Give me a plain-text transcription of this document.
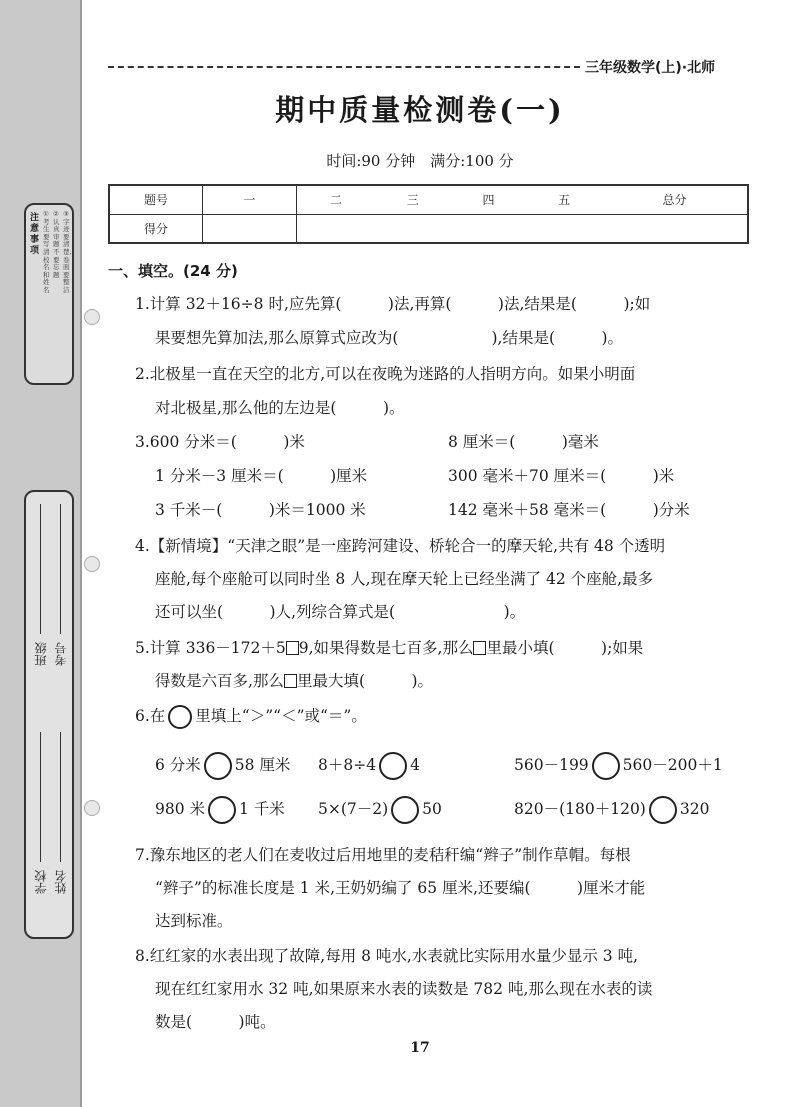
注意事项
①考生要写清校名和姓名
②认真审题不要忘题
③字迹要清楚,卷面要整洁
学校 姓名
班级 考号
三年级数学(上)·北师
期中质量检测卷(一)
时间:90 分钟　满分:100 分
题号	一	二	三	四	五	总分
得分						
一、填空。(24 分)
1.计算 32＋16÷8 时,应先算(　　　)法,再算(　　　)法,结果是(　　　);如
果要想先算加法,那么原算式应改为(　　　　　　),结果是(　　　)。
2.北极星一直在天空的北方,可以在夜晚为迷路的人指明方向。如果小明面
对北极星,那么他的左边是(　　　)。
3.600 分米＝(　　　)米	8 厘米＝(　　　)毫米
1 分米－3 厘米＝(　　　)厘米	300 毫米＋70 厘米＝(　　　)米
3 千米－(　　　)米＝1000 米	142 毫米＋58 毫米＝(　　　)分米
4.【新情境】“天津之眼”是一座跨河建设、桥轮合一的摩天轮,共有 48 个透明
座舱,每个座舱可以同时坐 8 人,现在摩天轮上已经坐满了 42 个座舱,最多
还可以坐(　　　)人,列综合算式是(　　　　　　　)。
5.计算 336－172＋5 9,如果得数是七百多,那么 里最小填(　　　);如果
得数是六百多,那么 里最大填(　　　)。
6.在 里填上“＞”“＜”或“＝”。
6 分米 58 厘米 8＋8÷4 4	560－199 560－200＋1
980 米 1 千米 5×(7－2) 50	820－(180＋120) 320
7.豫东地区的老人们在麦收过后用地里的麦秸秆编“辫子”制作草帽。每根
“辫子”的标准长度是 1 米,王奶奶编了 65 厘米,还要编(　　　)厘米才能
达到标准。
8.红红家的水表出现了故障,每用 8 吨水,水表就比实际用水量少显示 3 吨,
现在红红家用水 32 吨,如果原来水表的读数是 782 吨,那么现在水表的读
数是(　　　)吨。
17
